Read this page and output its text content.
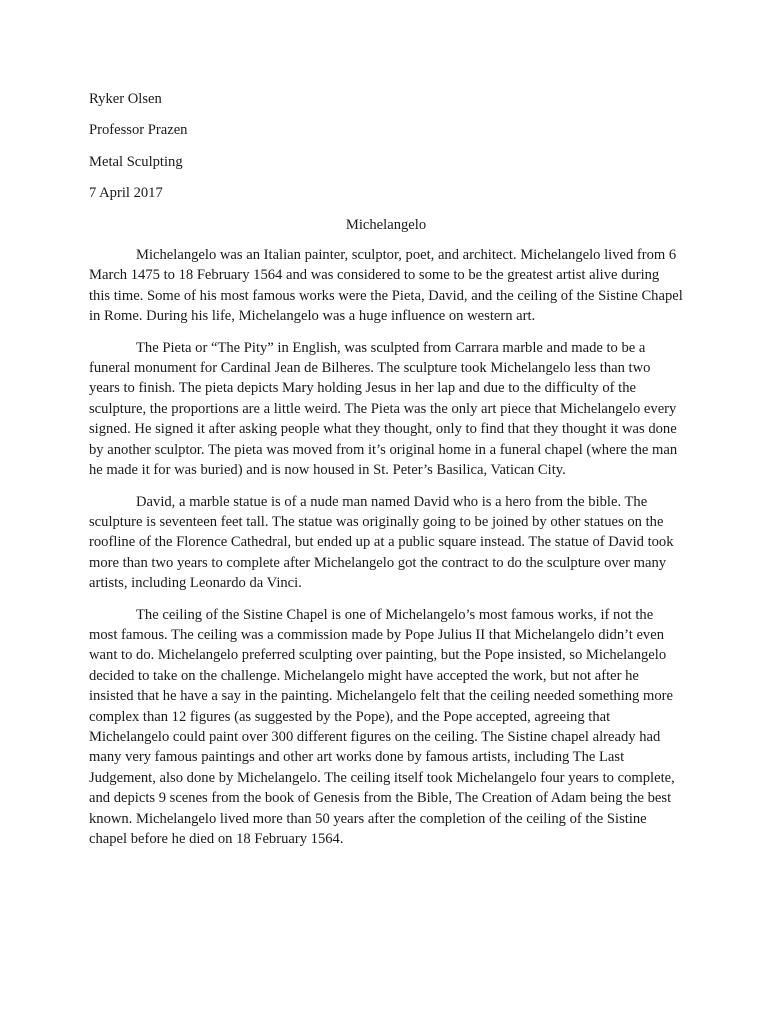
Ryker Olsen
Professor Prazen
Metal Sculpting
7 April 2017
Michelangelo

Michelangelo was an Italian painter, sculptor, poet, and architect. Michelangelo lived from 6 March 1475 to 18 February 1564 and was considered to some to be the greatest artist alive during this time. Some of his most famous works were the Pieta, David, and the ceiling of the Sistine Chapel in Rome. During his life, Michelangelo was a huge influence on western art.

The Pieta or “The Pity” in English, was sculpted from Carrara marble and made to be a funeral monument for Cardinal Jean de Bilheres. The sculpture took Michelangelo less than two years to finish. The pieta depicts Mary holding Jesus in her lap and due to the difficulty of the sculpture, the proportions are a little weird. The Pieta was the only art piece that Michelangelo every signed. He signed it after asking people what they thought, only to find that they thought it was done by another sculptor. The pieta was moved from it’s original home in a funeral chapel (where the man he made it for was buried) and is now housed in St. Peter’s Basilica, Vatican City.

David, a marble statue is of a nude man named David who is a hero from the bible. The sculpture is seventeen feet tall. The statue was originally going to be joined by other statues on the roofline of the Florence Cathedral, but ended up at a public square instead. The statue of David took more than two years to complete after Michelangelo got the contract to do the sculpture over many artists, including Leonardo da Vinci.

The ceiling of the Sistine Chapel is one of Michelangelo’s most famous works, if not the most famous. The ceiling was a commission made by Pope Julius II that Michelangelo didn’t even want to do. Michelangelo preferred sculpting over painting, but the Pope insisted, so Michelangelo decided to take on the challenge. Michelangelo might have accepted the work, but not after he insisted that he have a say in the painting. Michelangelo felt that the ceiling needed something more complex than 12 figures (as suggested by the Pope), and the Pope accepted, agreeing that Michelangelo could paint over 300 different figures on the ceiling. The Sistine chapel already had many very famous paintings and other art works done by famous artists, including The Last Judgement, also done by Michelangelo. The ceiling itself took Michelangelo four years to complete, and depicts 9 scenes from the book of Genesis from the Bible, The Creation of Adam being the best known. Michelangelo lived more than 50 years after the completion of the ceiling of the Sistine chapel before he died on 18 February 1564.
